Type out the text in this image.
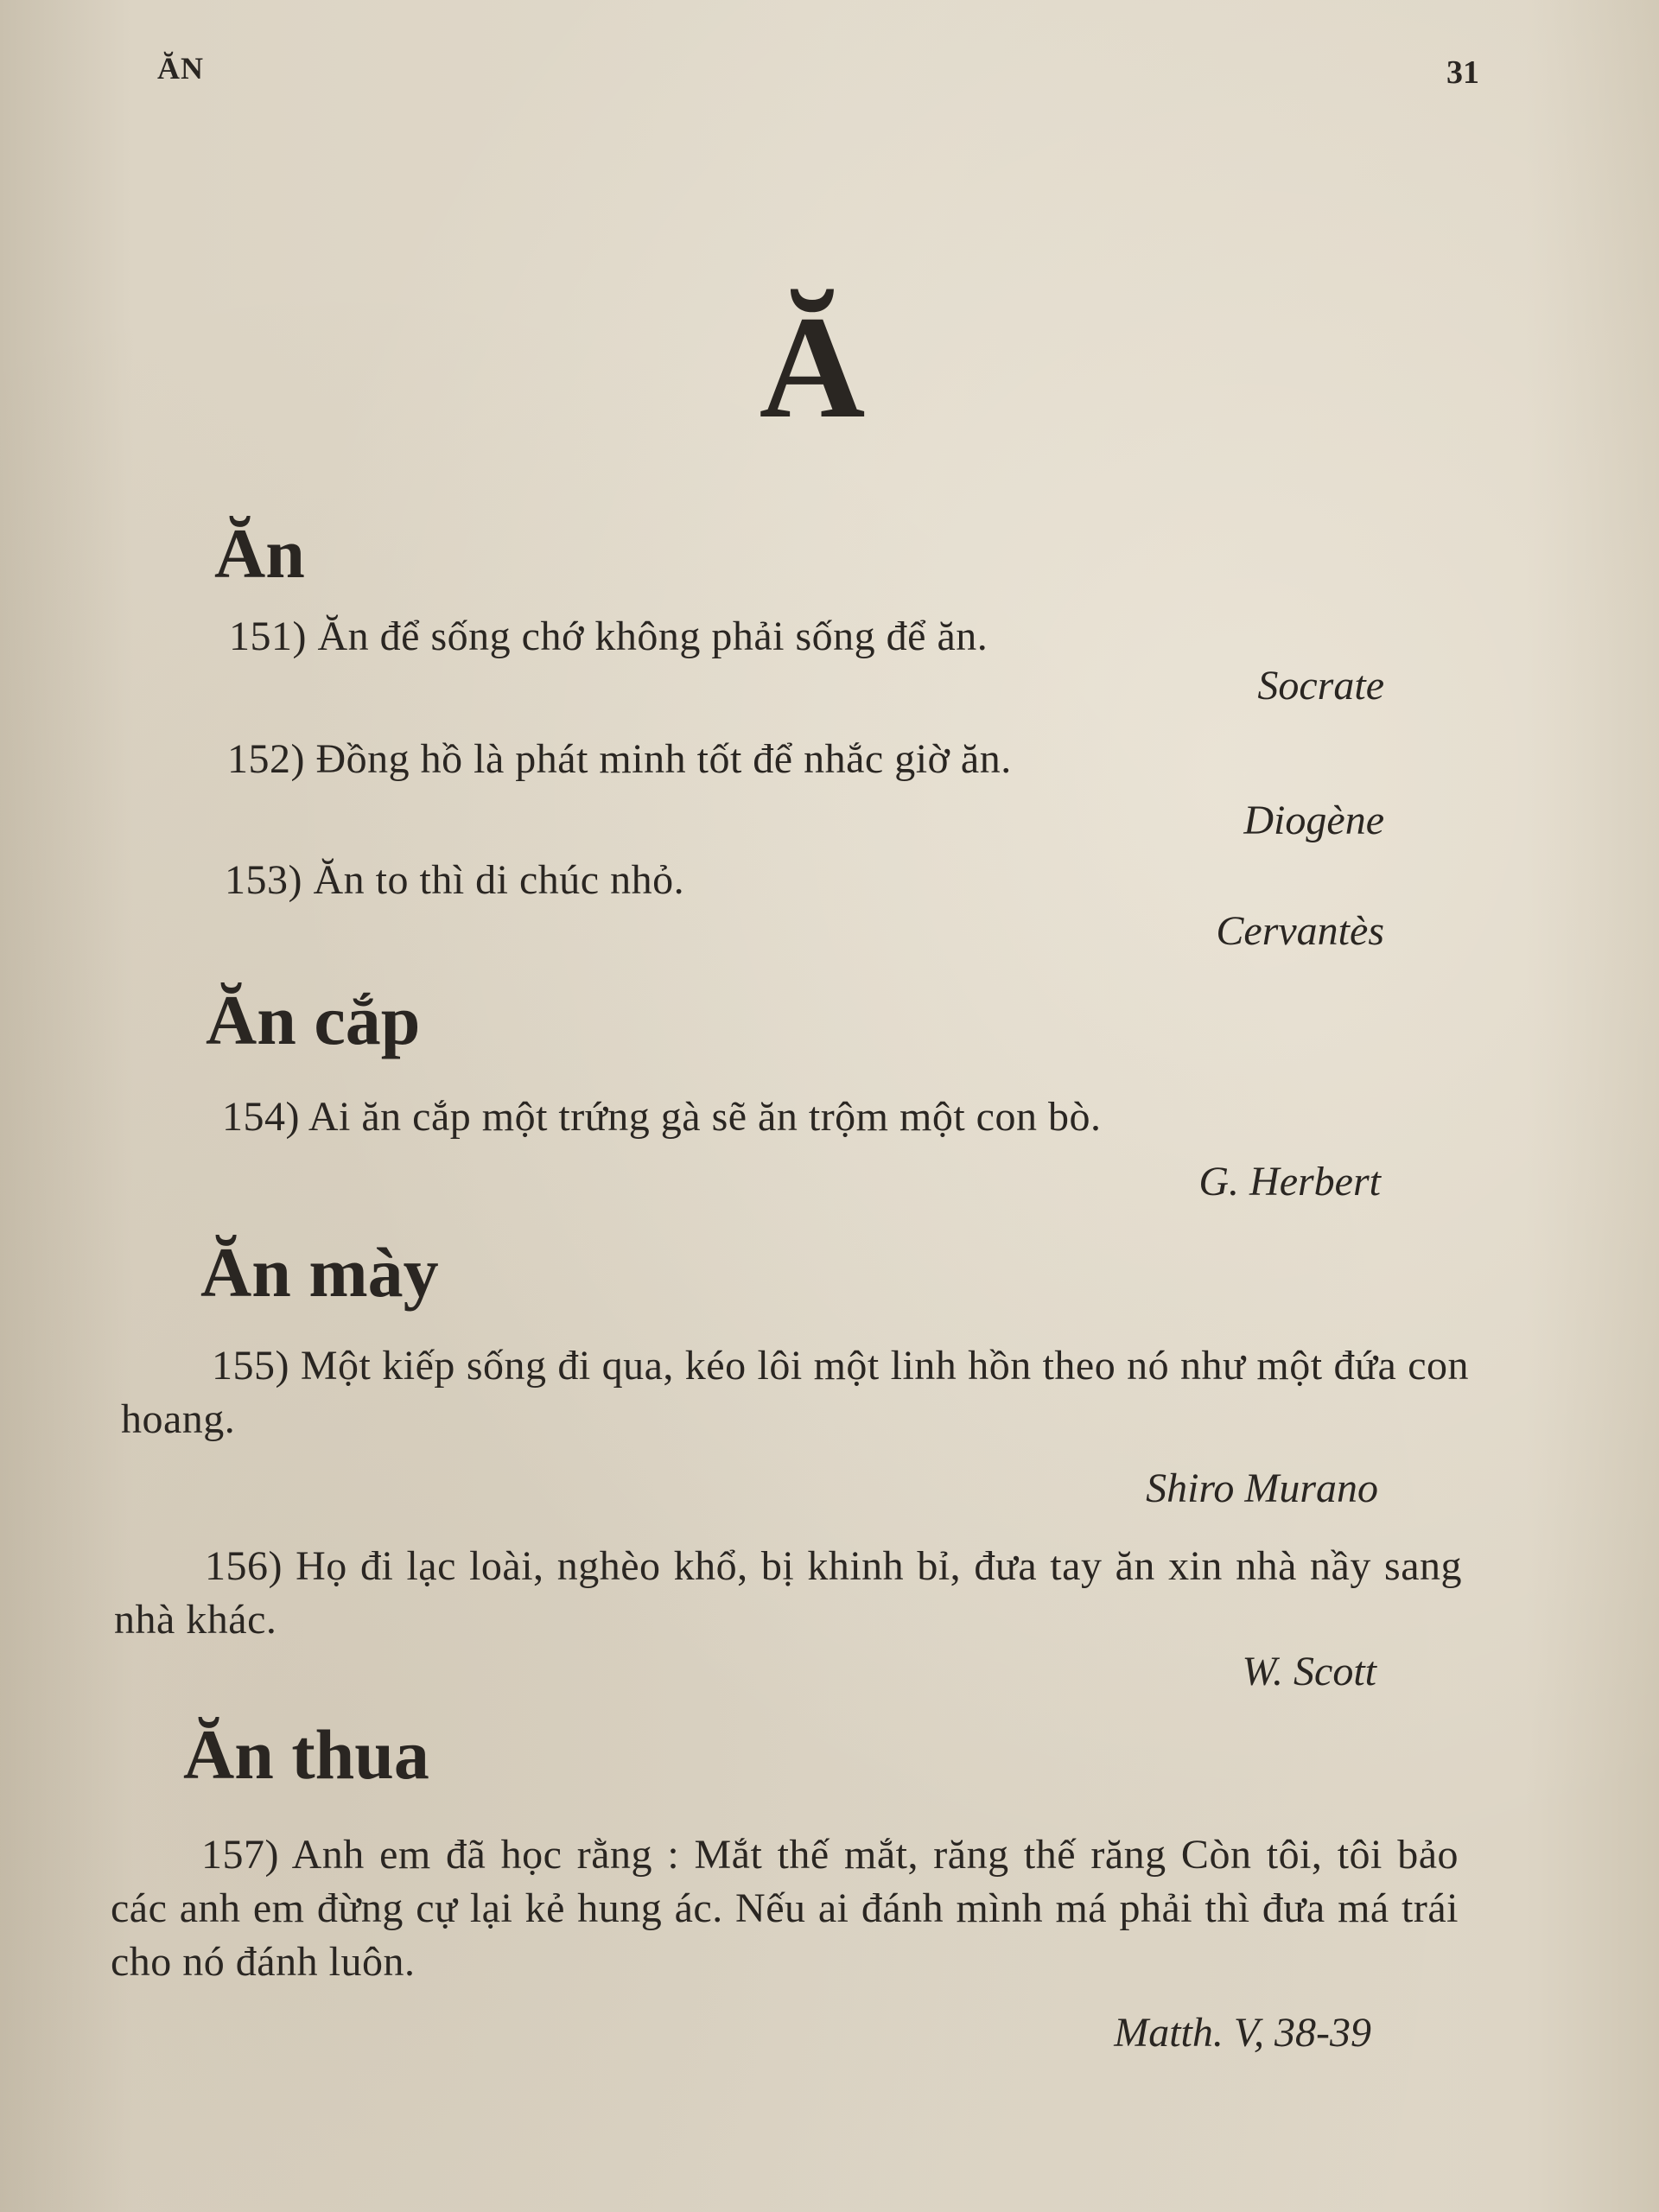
ĂN	31
Ă
Ăn
151) Ăn để sống chớ không phải sống để ăn.
Socrate
152) Đồng hồ là phát minh tốt để nhắc giờ ăn.
Diogène
153) Ăn to thì di chúc nhỏ.
Cervantès
Ăn cắp
154) Ai ăn cắp một trứng gà sẽ ăn trộm một con bò.
G. Herbert
Ăn mày
155) Một kiếp sống đi qua, kéo lôi một linh hồn theo nó như một đứa con hoang.
Shiro Murano
156) Họ đi lạc loài, nghèo khổ, bị khinh bỉ, đưa tay ăn xin nhà nầy sang nhà khác.
W. Scott
Ăn thua
157) Anh em đã học rằng : Mắt thế mắt, răng thế răng Còn tôi, tôi bảo các anh em đừng cự lại kẻ hung ác. Nếu ai đánh mình má phải thì đưa má trái cho nó đánh luôn.
Matth. V, 38-39
